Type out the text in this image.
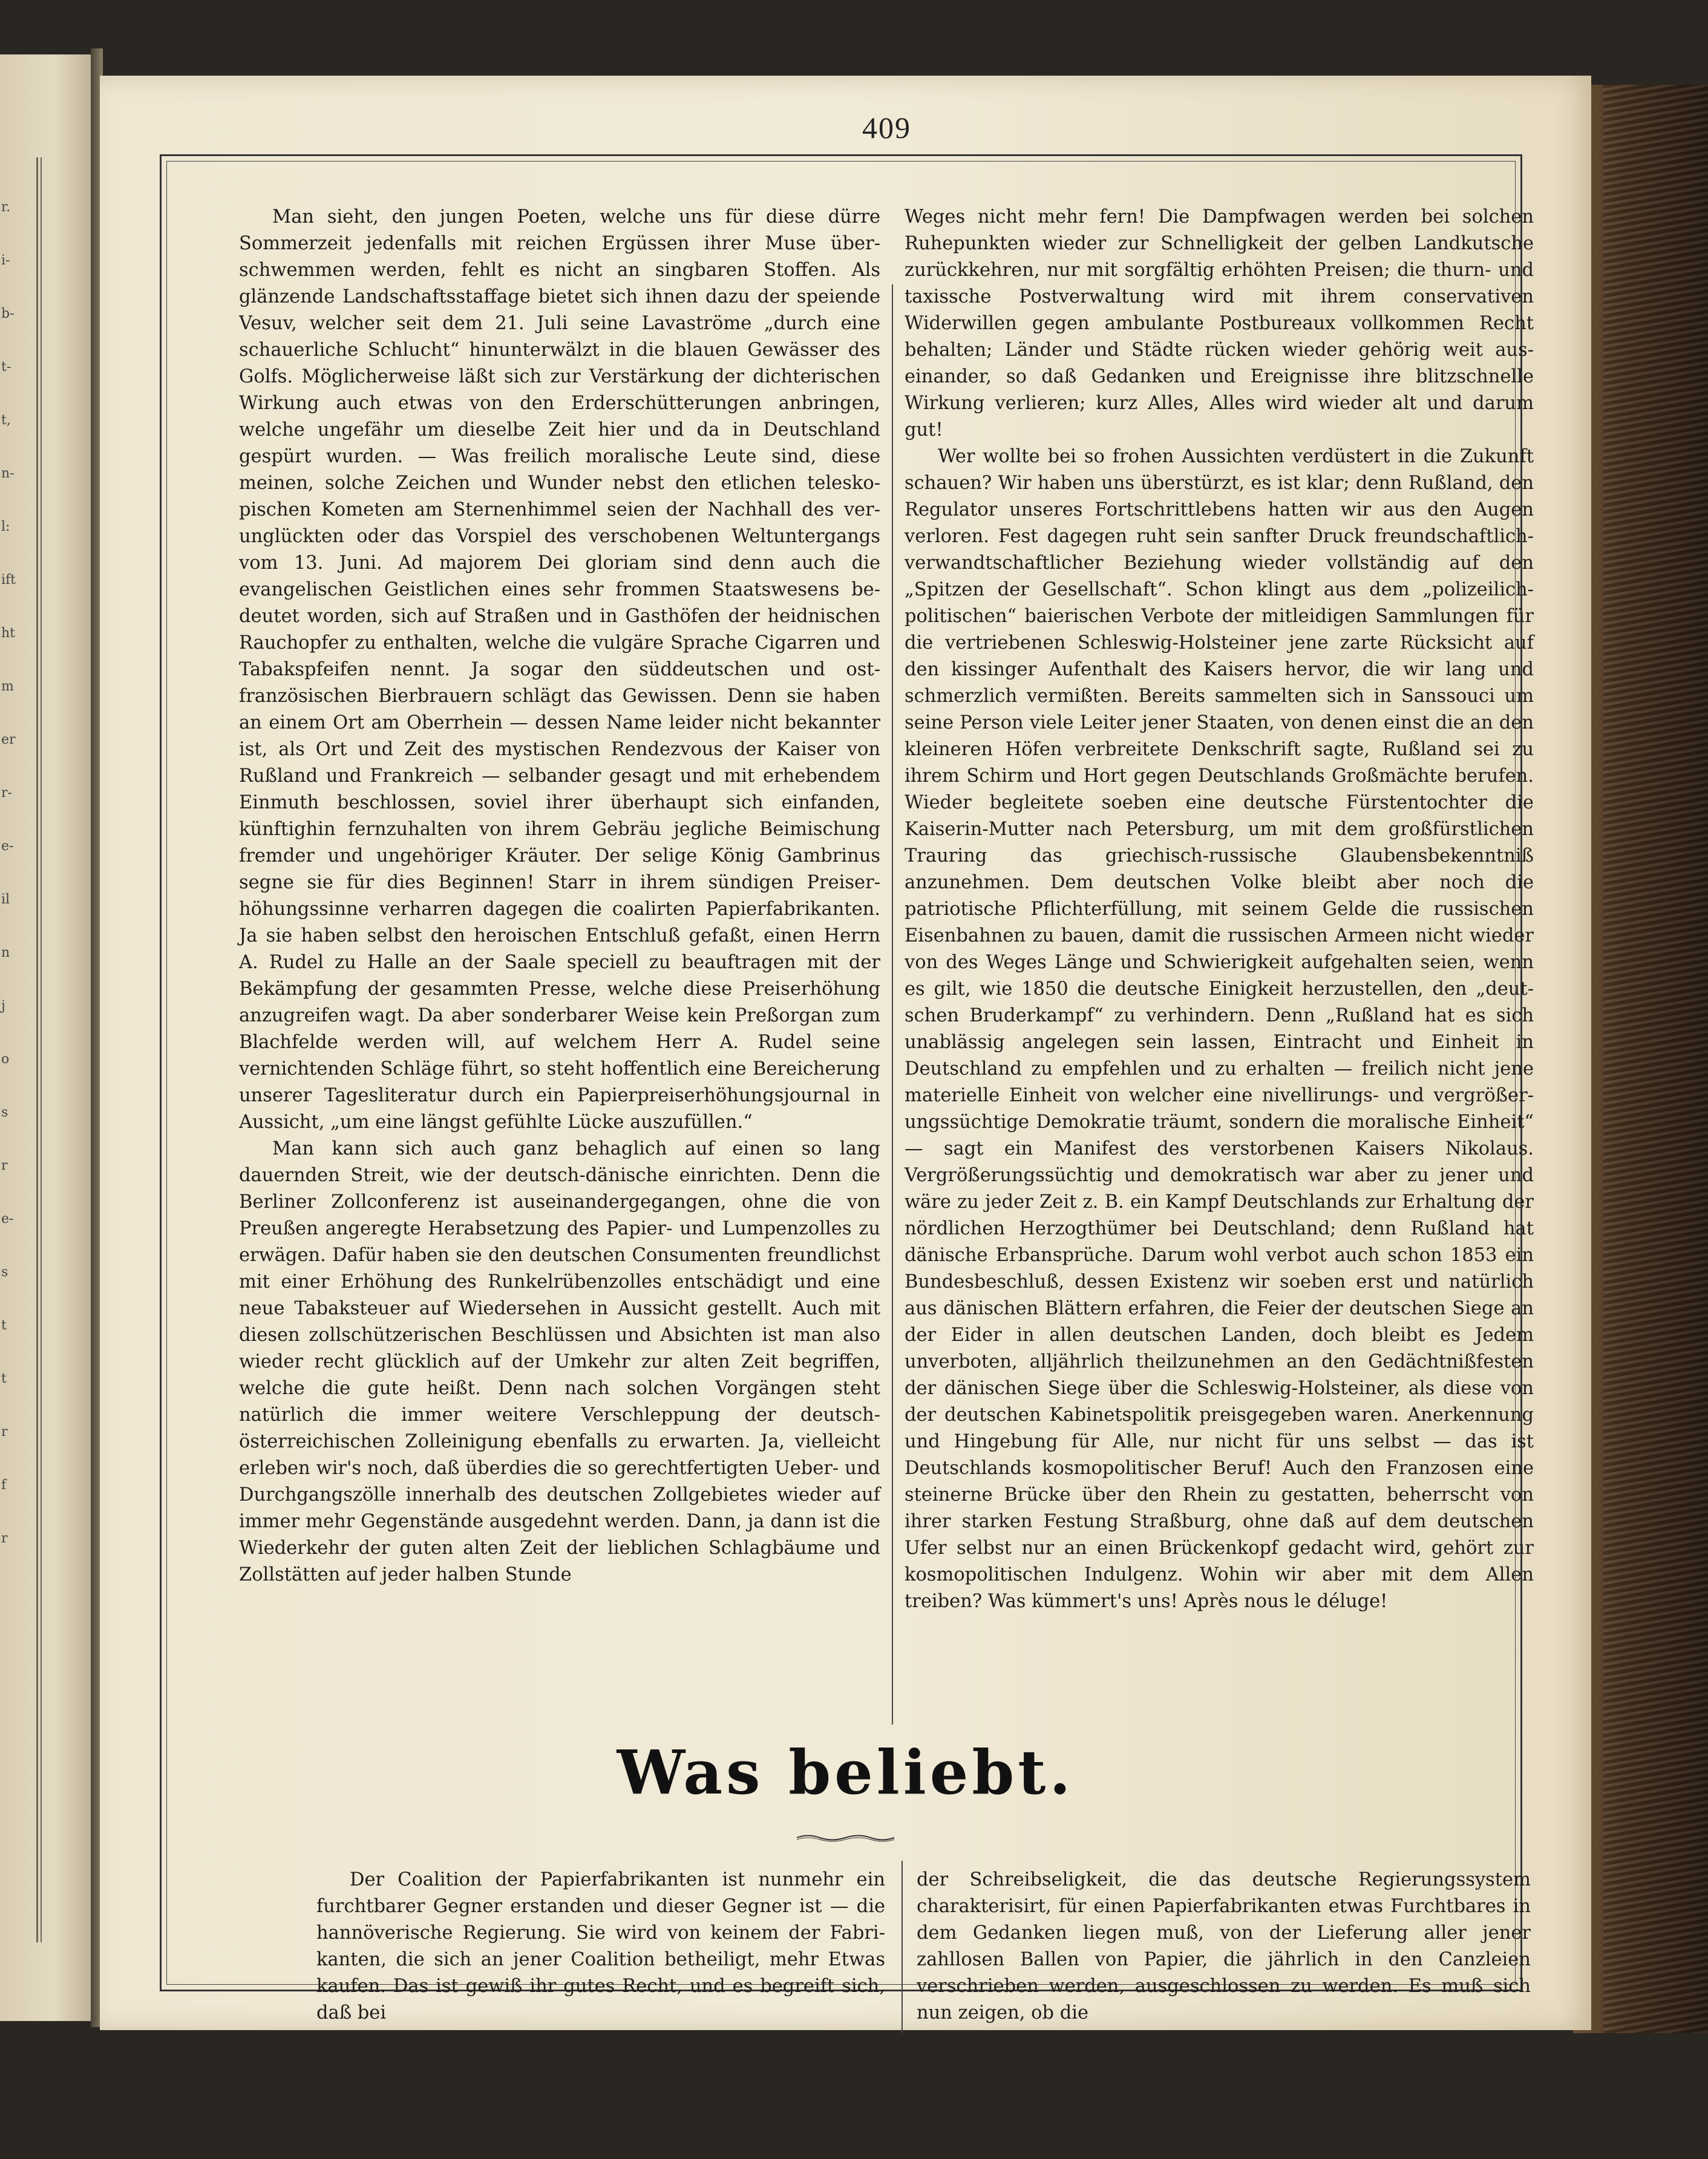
r.
i-
b-
t-
t,
n-
l:
ift
ht
m
er
r-
e-
il
n
j
o
s
r
e-
s
t
t
r
f
r
409

Man sieht, den jungen Poeten, welche uns für diese dürre Sommerzeit jedenfalls mit reichen Ergüssen ihrer Muse überschwemmen werden, fehlt es nicht an singbaren Stoffen. Als glänzende Landschaftsstaffage bietet sich ihnen dazu der speiende Vesuv, welcher seit dem 21. Juli seine Lavaströme „durch eine schauerliche Schlucht“ hinunterwälzt in die blauen Gewässer des Golfs. Möglicherweise läßt sich zur Verstärkung der dichterischen Wirkung auch etwas von den Erderschütterungen anbringen, welche ungefähr um dieselbe Zeit hier und da in Deutschland gespürt wurden. — Was freilich moralische Leute sind, diese meinen, solche Zeichen und Wunder nebst den etlichen teleskopischen Kometen am Sternenhimmel seien der Nachhall des verunglückten oder das Vorspiel des verschobenen Weltuntergangs vom 13. Juni. Ad majorem Dei gloriam sind denn auch die evangelischen Geistlichen eines sehr frommen Staatswesens bedeutet worden, sich auf Straßen und in Gasthöfen der heidnischen Rauchopfer zu enthalten, welche die vulgäre Sprache Cigarren und Tabakspfeifen nennt. Ja sogar den süddeutschen und ostfranzösischen Bierbrauern schlägt das Gewissen. Denn sie haben an einem Ort am Oberrhein — dessen Name leider nicht bekannter ist, als Ort und Zeit des mystischen Rendezvous der Kaiser von Rußland und Frankreich — selbander gesagt und mit erhebendem Einmuth beschlossen, soviel ihrer überhaupt sich einfanden, künftighin fernzuhalten von ihrem Gebräu jegliche Beimischung fremder und ungehöriger Kräuter. Der selige König Gambrinus segne sie für dies Beginnen! Starr in ihrem sündigen Preiserhöhungssinne verharren dagegen die coalirten Papierfabrikanten. Ja sie haben selbst den heroischen Entschluß gefaßt, einen Herrn A. Rudel zu Halle an der Saale speciell zu beauftragen mit der Bekämpfung der gesammten Presse, welche diese Preiserhöhung anzugreifen wagt. Da aber sonderbarer Weise kein Preßorgan zum Blachfelde werden will, auf welchem Herr A. Rudel seine vernichtenden Schläge führt, so steht hoffentlich eine Bereicherung unserer Tagesliteratur durch ein Papierpreiserhöhungsjournal in Aussicht, „um eine längst gefühlte Lücke auszufüllen.“

Man kann sich auch ganz behaglich auf einen so lang dauernden Streit, wie der deutsch-dänische einrichten. Denn die Berliner Zollconferenz ist auseinandergegangen, ohne die von Preußen angeregte Herabsetzung des Papier- und Lumpenzolles zu erwägen. Dafür haben sie den deutschen Consumenten freundlichst mit einer Erhöhung des Runkelrübenzolles entschädigt und eine neue Tabaksteuer auf Wiedersehen in Aussicht gestellt. Auch mit diesen zollschützerischen Beschlüssen und Absichten ist man also wieder recht glücklich auf der Umkehr zur alten Zeit begriffen, welche die gute heißt. Denn nach solchen Vorgängen steht natürlich die immer weitere Verschleppung der deutsch-österreichischen Zolleinigung ebenfalls zu erwarten. Ja, vielleicht erleben wir's noch, daß überdies die so gerechtfertigten Ueber- und Durchgangszölle innerhalb des deutschen Zollgebietes wieder auf immer mehr Gegenstände ausgedehnt werden. Dann, ja dann ist die Wiederkehr der guten alten Zeit der lieblichen Schlagbäume und Zollstätten auf jeder halben Stunde

Weges nicht mehr fern! Die Dampfwagen werden bei solchen Ruhepunkten wieder zur Schnelligkeit der gelben Landkutsche zurückkehren, nur mit sorgfältig erhöhten Preisen; die thurn- und taxissche Postverwaltung wird mit ihrem conservativen Widerwillen gegen ambulante Postbureaux vollkommen Recht behalten; Länder und Städte rücken wieder gehörig weit auseinander, so daß Gedanken und Ereignisse ihre blitzschnelle Wirkung verlieren; kurz Alles, Alles wird wieder alt und darum gut!

Wer wollte bei so frohen Aussichten verdüstert in die Zukunft schauen? Wir haben uns überstürzt, es ist klar; denn Rußland, den Regulator unseres Fortschrittlebens hatten wir aus den Augen verloren. Fest dagegen ruht sein sanfter Druck freundschaftlich-verwandtschaftlicher Beziehung wieder vollständig auf den „Spitzen der Gesellschaft“. Schon klingt aus dem „polizeilich-politischen“ baierischen Verbote der mitleidigen Sammlungen für die vertriebenen Schleswig-Holsteiner jene zarte Rücksicht auf den kissinger Aufenthalt des Kaisers hervor, die wir lang und schmerzlich vermißten. Bereits sammelten sich in Sanssouci um seine Person viele Leiter jener Staaten, von denen einst die an den kleineren Höfen verbreitete Denkschrift sagte, Rußland sei zu ihrem Schirm und Hort gegen Deutschlands Großmächte berufen. Wieder begleitete soeben eine deutsche Fürstentochter die Kaiserin-Mutter nach Petersburg, um mit dem großfürstlichen Trauring das griechisch-russische Glaubensbekenntniß anzunehmen. Dem deutschen Volke bleibt aber noch die patriotische Pflichterfüllung, mit seinem Gelde die russischen Eisenbahnen zu bauen, damit die russischen Armeen nicht wieder von des Weges Länge und Schwierigkeit aufgehalten seien, wenn es gilt, wie 1850 die deutsche Einigkeit herzustellen, den „deutschen Bruderkampf“ zu verhindern. Denn „Rußland hat es sich unablässig angelegen sein lassen, Eintracht und Einheit in Deutschland zu empfehlen und zu erhalten — freilich nicht jene materielle Einheit von welcher eine nivellirungs- und vergrößerungssüchtige Demokratie träumt, sondern die moralische Einheit“ — sagt ein Manifest des verstorbenen Kaisers Nikolaus. Vergrößerungssüchtig und demokratisch war aber zu jener und wäre zu jeder Zeit z. B. ein Kampf Deutschlands zur Erhaltung der nördlichen Herzogthümer bei Deutschland; denn Rußland hat dänische Erbansprüche. Darum wohl verbot auch schon 1853 ein Bundesbeschluß, dessen Existenz wir soeben erst und natürlich aus dänischen Blättern erfahren, die Feier der deutschen Siege an der Eider in allen deutschen Landen, doch bleibt es Jedem unverboten, alljährlich theilzunehmen an den Gedächtnißfesten der dänischen Siege über die Schleswig-Holsteiner, als diese von der deutschen Kabinetspolitik preisgegeben waren. Anerkennung und Hingebung für Alle, nur nicht für uns selbst — das ist Deutschlands kosmopolitischer Beruf! Auch den Franzosen eine steinerne Brücke über den Rhein zu gestatten, beherrscht von ihrer starken Festung Straßburg, ohne daß auf dem deutschen Ufer selbst nur an einen Brückenkopf gedacht wird, gehört zur kosmopolitischen Indulgenz. Wohin wir aber mit dem Allen treiben? Was kümmert's uns! Après nous le déluge!

Was beliebt.

Der Coalition der Papierfabrikanten ist nunmehr ein furchtbarer Gegner erstanden und dieser Gegner ist — die hannöverische Regierung. Sie wird von keinem der Fabrikanten, die sich an jener Coalition betheiligt, mehr Etwas kaufen. Das ist gewiß ihr gutes Recht, und es begreift sich, daß bei

der Schreibseligkeit, die das deutsche Regierungssystem charakterisirt, für einen Papierfabrikanten etwas Furchtbares in dem Gedanken liegen muß, von der Lieferung aller jener zahllosen Ballen von Papier, die jährlich in den Canzleien verschrieben werden, ausgeschlossen zu werden. Es muß sich nun zeigen, ob die
